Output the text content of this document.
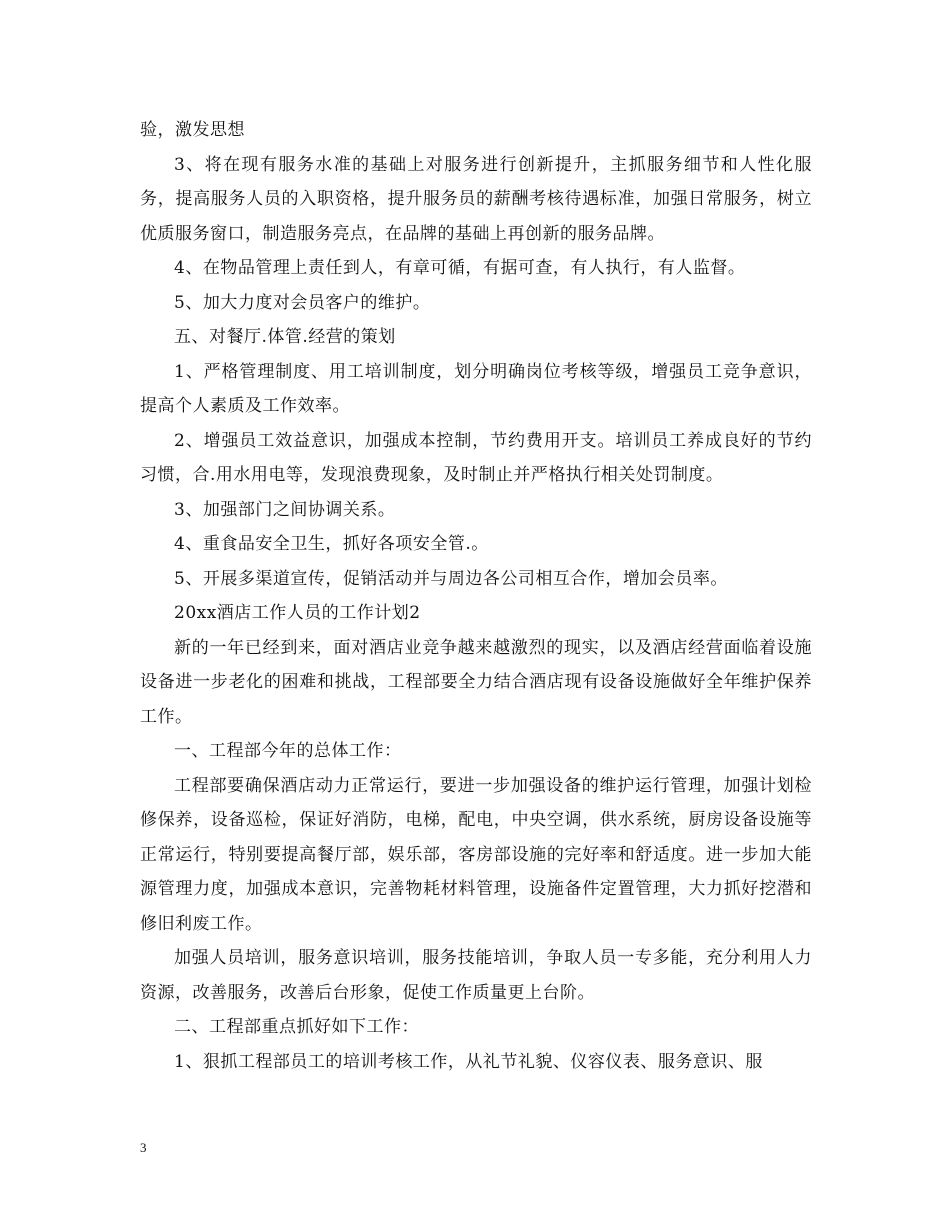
验，激发思想

3、将在现有服务水准的基础上对服务进行创新提升，主抓服务细节和人性化服务，提高服务人员的入职资格，提升服务员的薪酬考核待遇标准，加强日常服务，树立优质服务窗口，制造服务亮点，在品牌的基础上再创新的服务品牌。

4、在物品管理上责任到人，有章可循，有据可查，有人执行，有人监督。

5、加大力度对会员客户的维护。

五、对餐厅.体管.经营的策划

1、严格管理制度、用工培训制度，划分明确岗位考核等级，增强员工竞争意识，提高个人素质及工作效率。

2、增强员工效益意识，加强成本控制，节约费用开支。培训员工养成良好的节约习惯，合.用水用电等，发现浪费现象，及时制止并严格执行相关处罚制度。

3、加强部门之间协调关系。

4、重食品安全卫生，抓好各项安全管.。

5、开展多渠道宣传，促销活动并与周边各公司相互合作，增加会员率。

20xx酒店工作人员的工作计划2

新的一年已经到来，面对酒店业竞争越来越激烈的现实，以及酒店经营面临着设施设备进一步老化的困难和挑战，工程部要全力结合酒店现有设备设施做好全年维护保养工作。

一、工程部今年的总体工作：

工程部要确保酒店动力正常运行，要进一步加强设备的维护运行管理，加强计划检修保养，设备巡检，保证好消防，电梯，配电，中央空调，供水系统，厨房设备设施等正常运行，特别要提高餐厅部，娱乐部，客房部设施的完好率和舒适度。进一步加大能源管理力度，加强成本意识，完善物耗材料管理，设施备件定置管理，大力抓好挖潜和修旧利废工作。

加强人员培训，服务意识培训，服务技能培训，争取人员一专多能，充分利用人力资源，改善服务，改善后台形象，促使工作质量更上台阶。

二、工程部重点抓好如下工作：

1、狠抓工程部员工的培训考核工作，从礼节礼貌、仪容仪表、服务意识、服

3
